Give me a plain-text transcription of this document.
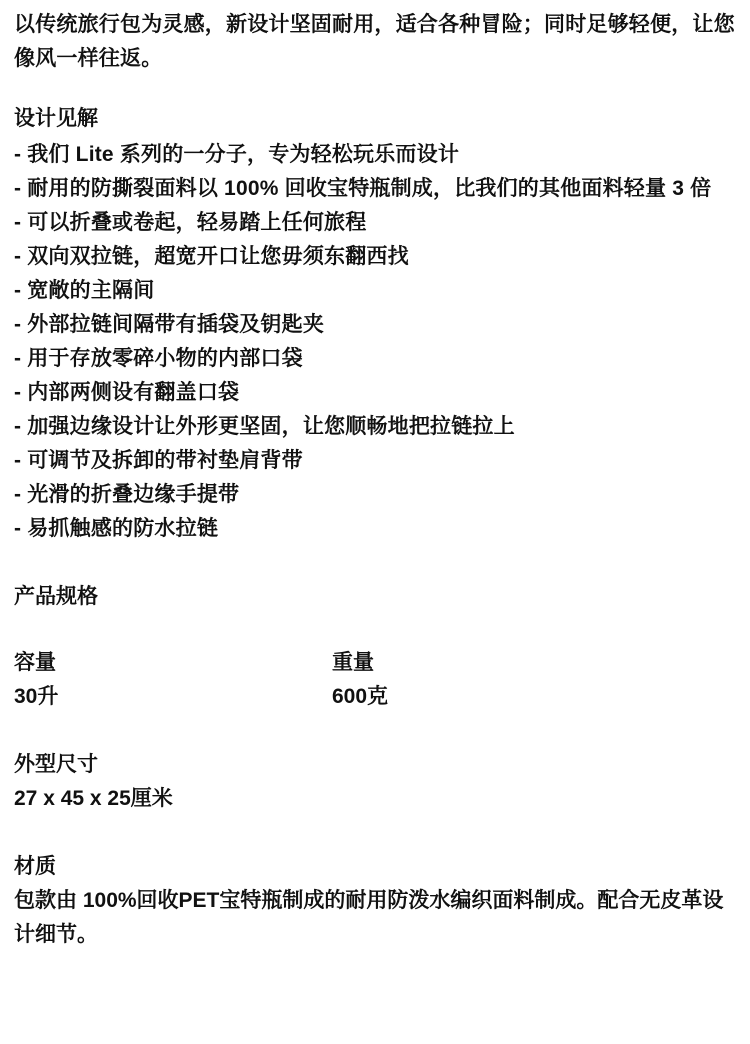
以传统旅行包为灵感，新设计坚固耐用，适合各种冒险；同时足够轻便，让您像风一样往返。

设计见解
- 我们 Lite 系列的一分子，专为轻松玩乐而设计
- 耐用的防撕裂面料以 100% 回收宝特瓶制成，比我们的其他面料轻量 3 倍
- 可以折叠或卷起，轻易踏上任何旅程
- 双向双拉链，超宽开口让您毋须东翻西找
- 宽敞的主隔间
- 外部拉链间隔带有插袋及钥匙夹
- 用于存放零碎小物的内部口袋
- 内部两侧设有翻盖口袋
- 加强边缘设计让外形更坚固，让您顺畅地把拉链拉上
- 可调节及拆卸的带衬垫肩背带
- 光滑的折叠边缘手提带
- 易抓触感的防水拉链
产品规格
容量	重量

30升	600克
外型尺寸
27 x 45 x 25厘米
材质
包款由 100%回收PET宝特瓶制成的耐用防泼水编织面料制成。配合无皮革设计细节。
